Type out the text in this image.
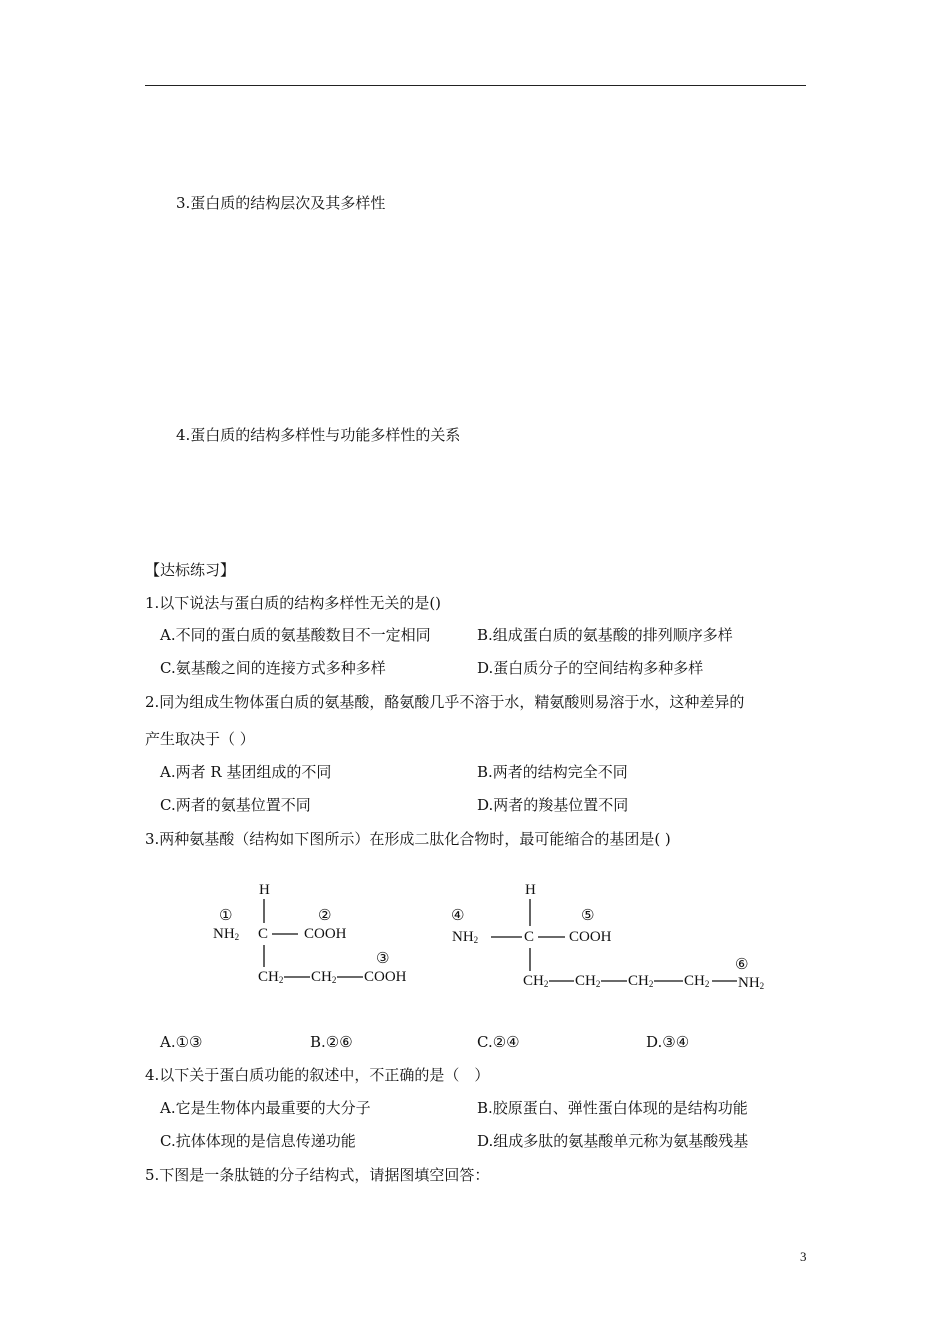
3.蛋白质的结构层次及其多样性
4.蛋白质的结构多样性与功能多样性的关系
【达标练习】
1.以下说法与蛋白质的结构多样性无关的是()
A.不同的蛋白质的氨基酸数目不一定相同	B.组成蛋白质的氨基酸的排列顺序多样
C.氨基酸之间的连接方式多种多样	D.蛋白质分子的空间结构多种多样
2.同为组成生物体蛋白质的氨基酸，酪氨酸几乎不溶于水，精氨酸则易溶于水，这种差异的
产生取决于（ ）
A.两者 R 基团组成的不同	B.两者的结构完全不同
C.两者的氨基位置不同	D.两者的羧基位置不同
3.两种氨基酸（结构如下图所示）在形成二肽化合物时，最可能缩合的基团是( )
H
①	②
$NH_2$ C COOH
③
$CH_2$ $CH_2$ COOH
H
④	⑤
$NH_2$	C COOH
⑥
$CH_2$ $CH_2$ $CH_2$ $CH_2$ $NH_2$
A.①③	B.②⑥	C.②④	D.③④
4.以下关于蛋白质功能的叙述中，不正确的是（　）
A.它是生物体内最重要的大分子	B.胶原蛋白、弹性蛋白体现的是结构功能
C.抗体体现的是信息传递功能	D.组成多肽的氨基酸单元称为氨基酸残基
5.下图是一条肽链的分子结构式，请据图填空回答：
3
